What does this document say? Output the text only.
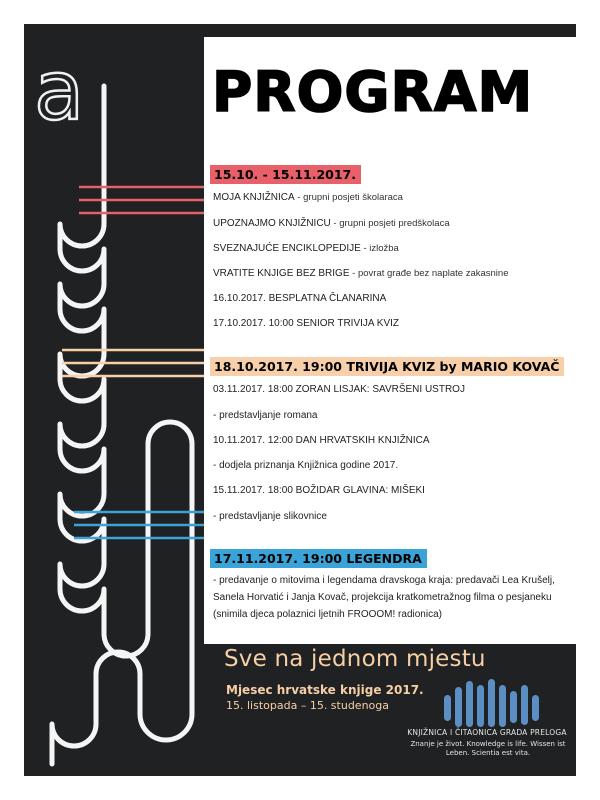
a PROGRAM
15.10. - 15.11.2017.
MOJA KNJIŽNICA - grupni posjeti školaraca
UPOZNAJMO KNJIŽNICU - grupni posjeti predškolaca
SVEZNAJUĆE ENCIKLOPEDIJE - izložba
VRATITE KNJIGE BEZ BRIGE - povrat građe bez naplate zakasnine
16.10.2017. BESPLATNA ČLANARINA
17.10.2017. 10:00 SENIOR TRIVIJA KVIZ
18.10.2017. 19:00 TRIVIJA KVIZ by MARIO KOVAČ
03.11.2017. 18:00 ZORAN LISJAK: SAVRŠENI USTROJ
- predstavljanje romana
10.11.2017. 12:00 DAN HRVATSKIH KNJIŽNICA
- dodjela priznanja Knjižnica godine 2017.
15.11.2017. 18:00 BOŽIDAR GLAVINA: MIŠEKI
- predstavljanje slikovnice
17.11.2017. 19:00 LEGENDRA
- predavanje o mitovima i legendama dravskoga kraja: predavači Lea Krušelj, Sanela Horvatić i Janja Kovač, projekcija kratkometražnog filma o pesjaneku (snimila djeca polaznici ljetnih FROOOM! radionica)
Sve na jednom mjestu
Mjesec hrvatske knjige 2017.
15. listopada – 15. studenoga
KNJIŽNICA I ČITAONICA GRADA PRELOGA
Znanje je život. Knowledge is life. Wissen ist Leben. Scientia est vita.
